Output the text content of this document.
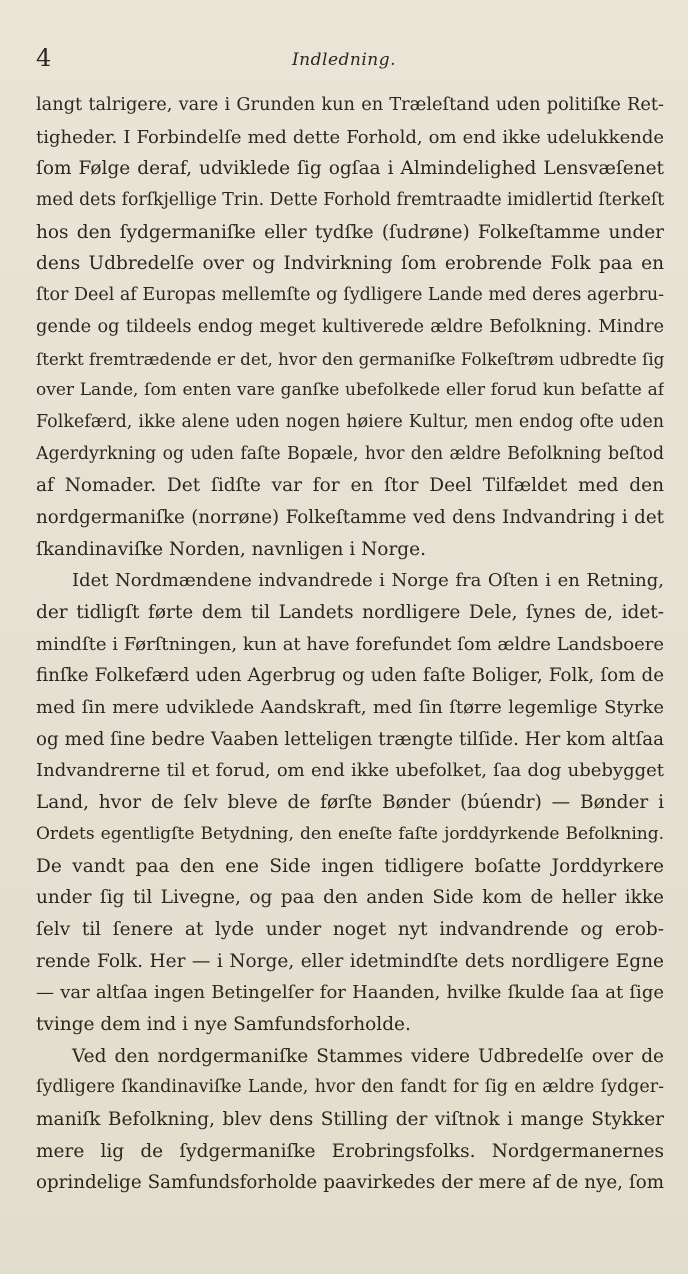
4	Indledning.
langt talrigere, vare i Grunden kun en Træleſtand uden politiſke Ret-
tigheder. I Forbindelſe med dette Forhold, om end ikke udelukkende
ſom Følge deraf, udviklede ſig ogſaa i Almindelighed Lensvæſenet
med dets forſkjellige Trin. Dette Forhold fremtraadte imidlertid ſterkeſt
hos den ſydgermaniſke eller tydſke (ſudrøne) Folkeſtamme under
dens Udbredelſe over og Indvirkning ſom erobrende Folk paa en
ſtor Deel af Europas mellemſte og ſydligere Lande med deres agerbru-
gende og tildeels endog meget kultiverede ældre Befolkning. Mindre
ſterkt fremtrædende er det, hvor den germaniſke Folkeſtrøm udbredte ſig
over Lande, ſom enten vare ganſke ubefolkede eller forud kun beſatte af
Folkefærd, ikke alene uden nogen høiere Kultur, men endog ofte uden
Agerdyrkning og uden faſte Bopæle, hvor den ældre Befolkning beſtod
af Nomader. Det ſidſte var for en ſtor Deel Tilfældet med den
nordgermaniſke (norrøne) Folkeſtamme ved dens Indvandring i det
ſkandinaviſke Norden, navnligen i Norge.
Idet Nordmændene indvandrede i Norge fra Oſten i en Retning,
der tidligſt førte dem til Landets nordligere Dele, ſynes de, idet-
mindſte i Førſtningen, kun at have forefundet ſom ældre Landsboere
finſke Folkefærd uden Agerbrug og uden faſte Boliger, Folk, ſom de
med ſin mere udviklede Aandskraft, med ſin ſtørre legemlige Styrke
og med ſine bedre Vaaben letteligen trængte tilſide. Her kom altſaa
Indvandrerne til et forud, om end ikke ubefolket, ſaa dog ubebygget
Land, hvor de ſelv bleve de førſte Bønder (búendr) — Bønder i
Ordets egentligſte Betydning, den eneſte faſte jorddyrkende Befolkning.
De vandt paa den ene Side ingen tidligere boſatte Jorddyrkere
under ſig til Livegne, og paa den anden Side kom de heller ikke
ſelv til ſenere at lyde under noget nyt indvandrende og erob-
rende Folk. Her — i Norge, eller idetmindſte dets nordligere Egne
— var altſaa ingen Betingelſer for Haanden, hvilke ſkulde ſaa at ſige
tvinge dem ind i nye Samfundsforholde.
Ved den nordgermaniſke Stammes videre Udbredelſe over de
ſydligere ſkandinaviſke Lande, hvor den fandt for ſig en ældre ſydger-
maniſk Befolkning, blev dens Stilling der viſtnok i mange Stykker
mere lig de ſydgermaniſke Erobringsfolks. Nordgermanernes
oprindelige Samfundsforholde paavirkedes der mere af de nye, ſom
